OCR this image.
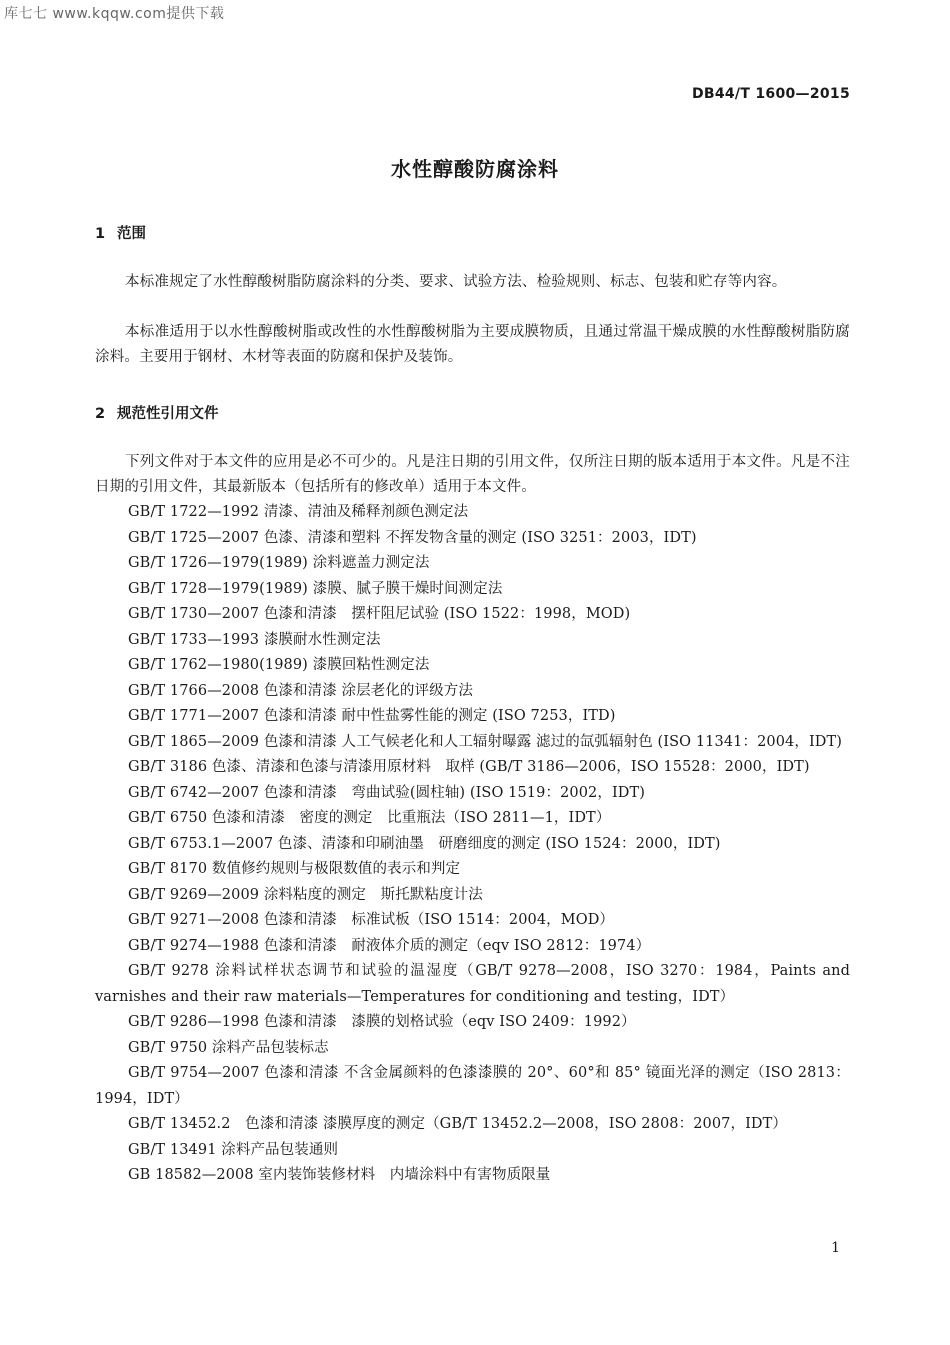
库七七 www.kqqw.com提供下载
DB44/T 1600—2015
水性醇酸防腐涂料
1 范围
本标准规定了水性醇酸树脂防腐涂料的分类、要求、试验方法、检验规则、标志、包装和贮存等内容。
本标准适用于以水性醇酸树脂或改性的水性醇酸树脂为主要成膜物质，且通过常温干燥成膜的水性醇酸树脂防腐涂料。主要用于钢材、木材等表面的防腐和保护及装饰。
2 规范性引用文件
下列文件对于本文件的应用是必不可少的。凡是注日期的引用文件，仅所注日期的版本适用于本文件。凡是不注日期的引用文件，其最新版本（包括所有的修改单）适用于本文件。
GB/T 1722—1992 清漆、清油及稀释剂颜色测定法
GB/T 1725—2007 色漆、清漆和塑料 不挥发物含量的测定 (ISO 3251：2003，IDT)
GB/T 1726—1979(1989) 涂料遮盖力测定法
GB/T 1728—1979(1989) 漆膜、腻子膜干燥时间测定法
GB/T 1730—2007 色漆和清漆　摆杆阻尼试验 (ISO 1522：1998，MOD)
GB/T 1733—1993 漆膜耐水性测定法
GB/T 1762—1980(1989) 漆膜回粘性测定法
GB/T 1766—2008 色漆和清漆 涂层老化的评级方法
GB/T 1771—2007 色漆和清漆 耐中性盐雾性能的测定 (ISO 7253，ITD)
GB/T 1865—2009 色漆和清漆 人工气候老化和人工辐射曝露 滤过的氙弧辐射色 (ISO 11341：2004，IDT)
GB/T 3186 色漆、清漆和色漆与清漆用原材料　取样 (GB/T 3186—2006，ISO 15528：2000，IDT)
GB/T 6742—2007 色漆和清漆　弯曲试验(圆柱轴) (ISO 1519：2002，IDT)
GB/T 6750 色漆和清漆　密度的测定　比重瓶法（ISO 2811—1，IDT）
GB/T 6753.1—2007 色漆、清漆和印刷油墨　研磨细度的测定 (ISO 1524：2000，IDT)
GB/T 8170 数值修约规则与极限数值的表示和判定
GB/T 9269—2009 涂料粘度的测定　斯托默粘度计法
GB/T 9271—2008 色漆和清漆　标准试板（ISO 1514：2004，MOD）
GB/T 9274—1988 色漆和清漆　耐液体介质的测定（eqv ISO 2812：1974）
GB/T 9278 涂料试样状态调节和试验的温湿度（GB/T 9278—2008，ISO 3270：1984，Paints and varnishes and their raw materials—Temperatures for conditioning and testing，IDT）
GB/T 9286—1998 色漆和清漆　漆膜的划格试验（eqv ISO 2409：1992）
GB/T 9750 涂料产品包装标志
GB/T 9754—2007 色漆和清漆 不含金属颜料的色漆漆膜的 20°、60°和 85° 镜面光泽的测定（ISO 2813：1994，IDT）
GB/T 13452.2　色漆和清漆 漆膜厚度的测定（GB/T 13452.2—2008，ISO 2808：2007，IDT）
GB/T 13491 涂料产品包装通则
GB 18582—2008 室内装饰装修材料　内墙涂料中有害物质限量
1
